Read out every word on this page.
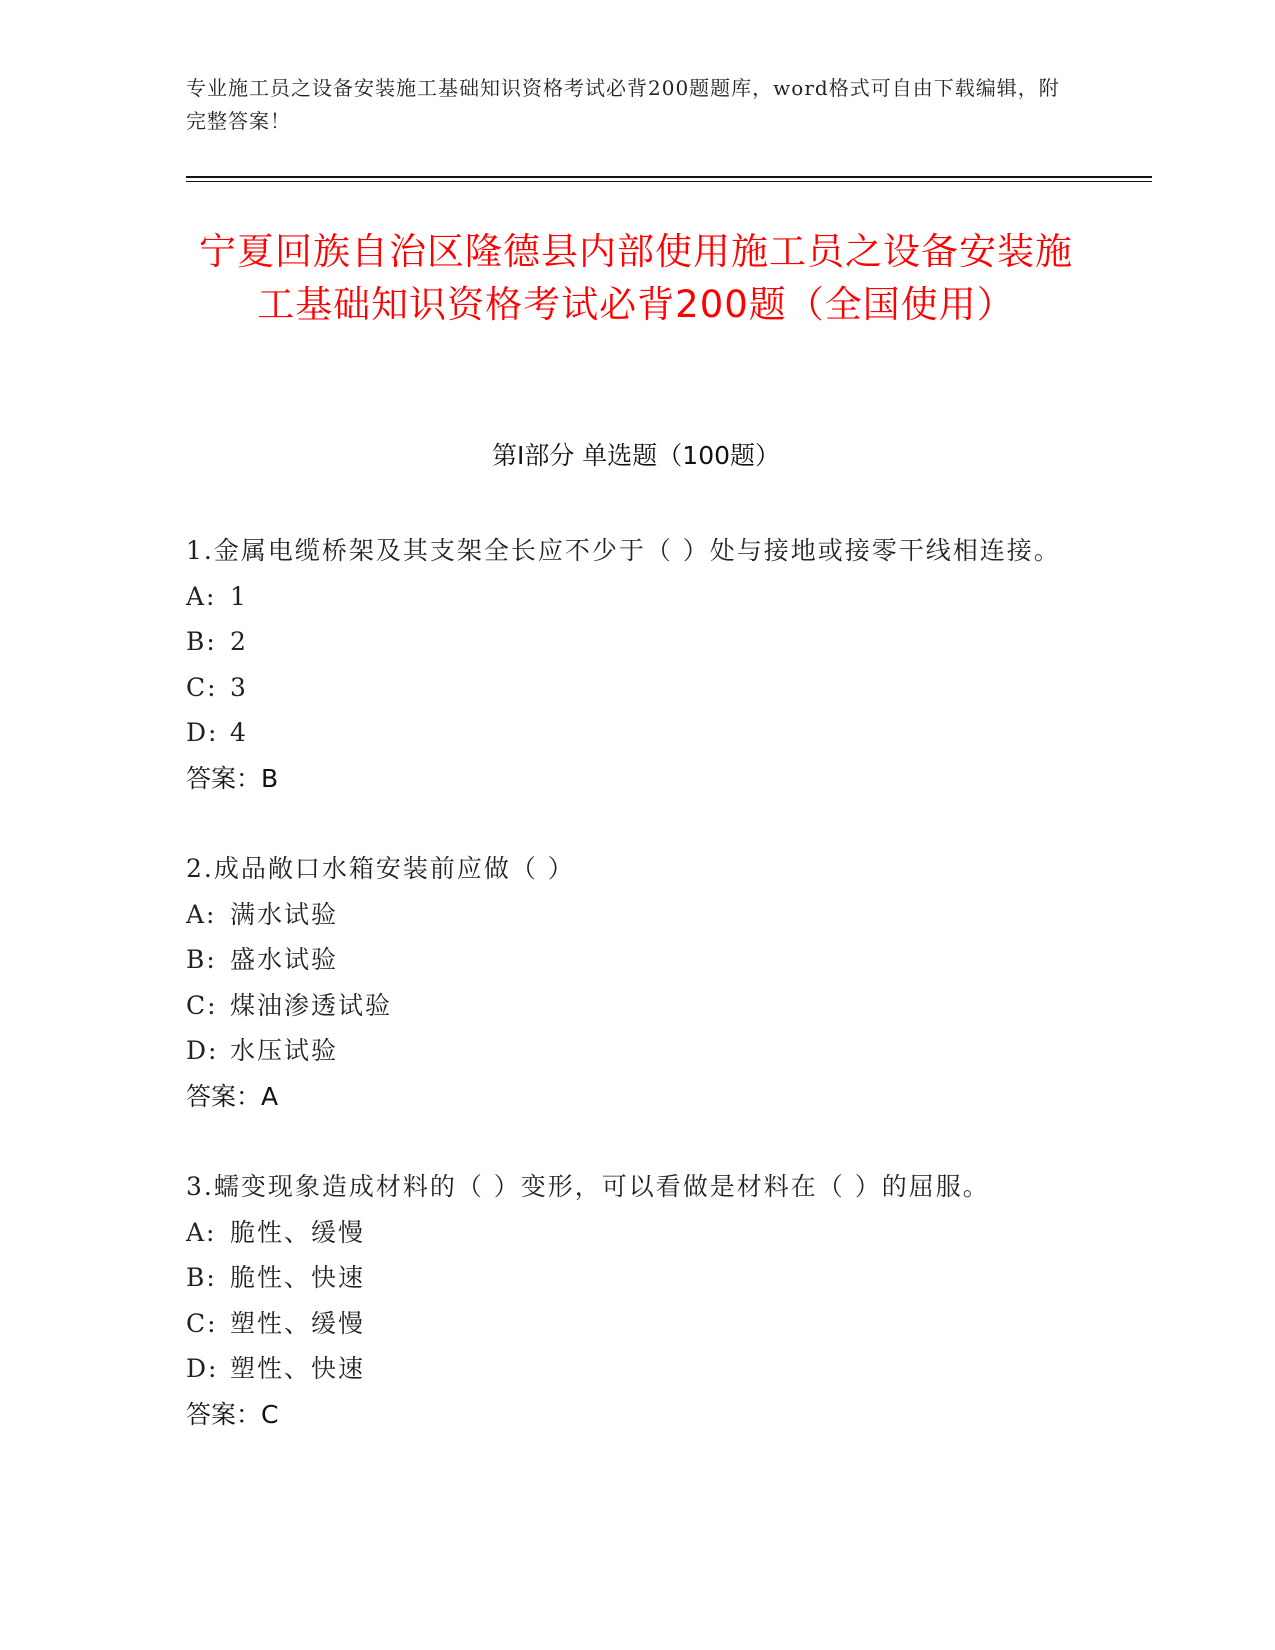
专业施工员之设备安装施工基础知识资格考试必背200题题库，word格式可自由下载编辑，附完整答案！
宁夏回族自治区隆德县内部使用施工员之设备安装施工基础知识资格考试必背200题（全国使用）
第I部分 单选题（100题）
1.金属电缆桥架及其支架全长应不少于（ ）处与接地或接零干线相连接。
A: 1
B: 2
C: 3
D: 4
答案：B
2.成品敞口水箱安装前应做（ ）
A: 满水试验
B: 盛水试验
C: 煤油渗透试验
D: 水压试验
答案：A
3.蠕变现象造成材料的（ ）变形，可以看做是材料在（ ）的屈服。
A: 脆性、缓慢
B: 脆性、快速
C: 塑性、缓慢
D: 塑性、快速
答案：C
